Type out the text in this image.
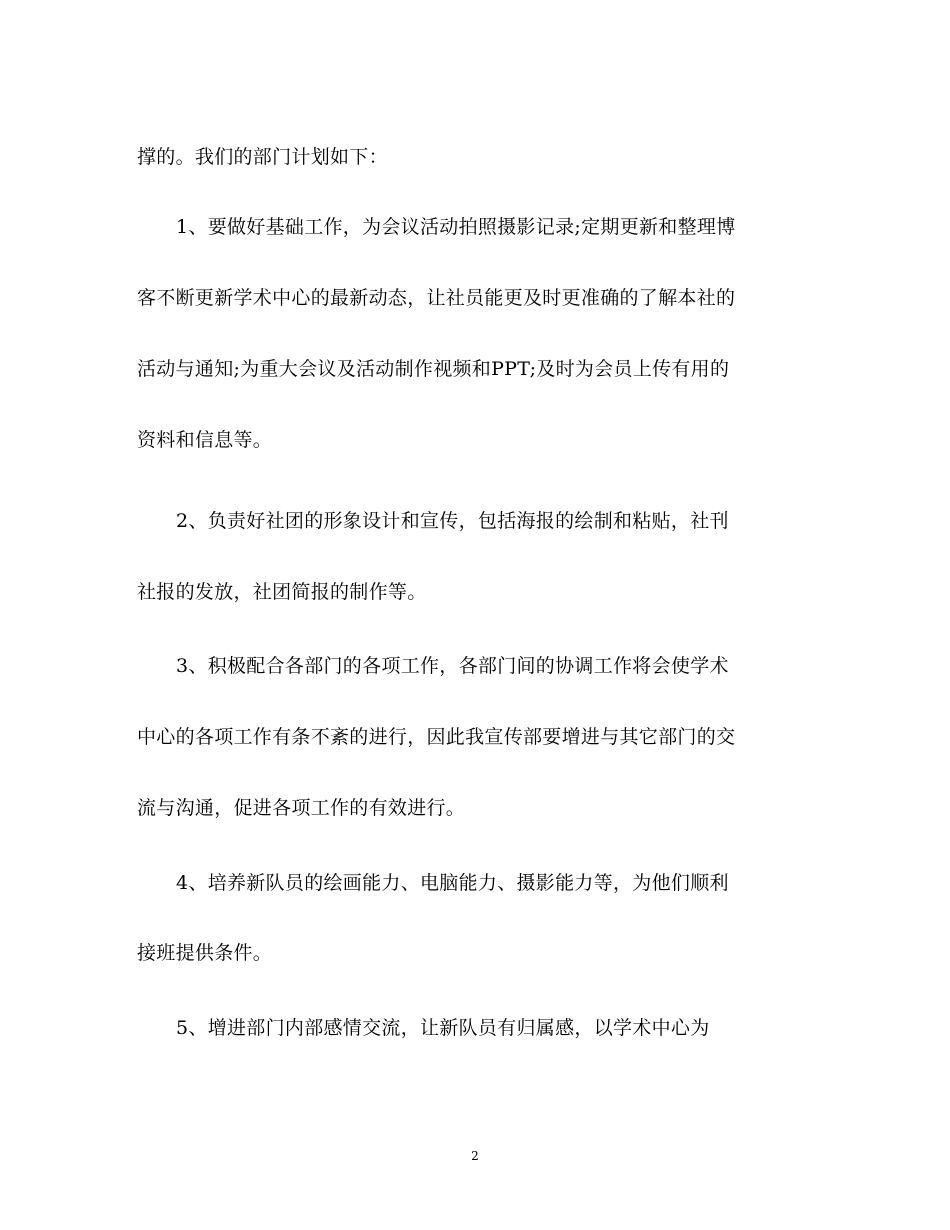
撑的。我们的部门计划如下：
1、要做好基础工作，为会议活动拍照摄影记录;定期更新和整理博
客不断更新学术中心的最新动态，让社员能更及时更准确的了解本社的
活动与通知;为重大会议及活动制作视频和PPT;及时为会员上传有用的
资料和信息等。
2、负责好社团的形象设计和宣传，包括海报的绘制和粘贴，社刊
社报的发放，社团简报的制作等。
3、积极配合各部门的各项工作，各部门间的协调工作将会使学术
中心的各项工作有条不紊的进行，因此我宣传部要增进与其它部门的交
流与沟通，促进各项工作的有效进行。
4、培养新队员的绘画能力、电脑能力、摄影能力等，为他们顺利
接班提供条件。
5、增进部门内部感情交流，让新队员有归属感，以学术中心为
2
